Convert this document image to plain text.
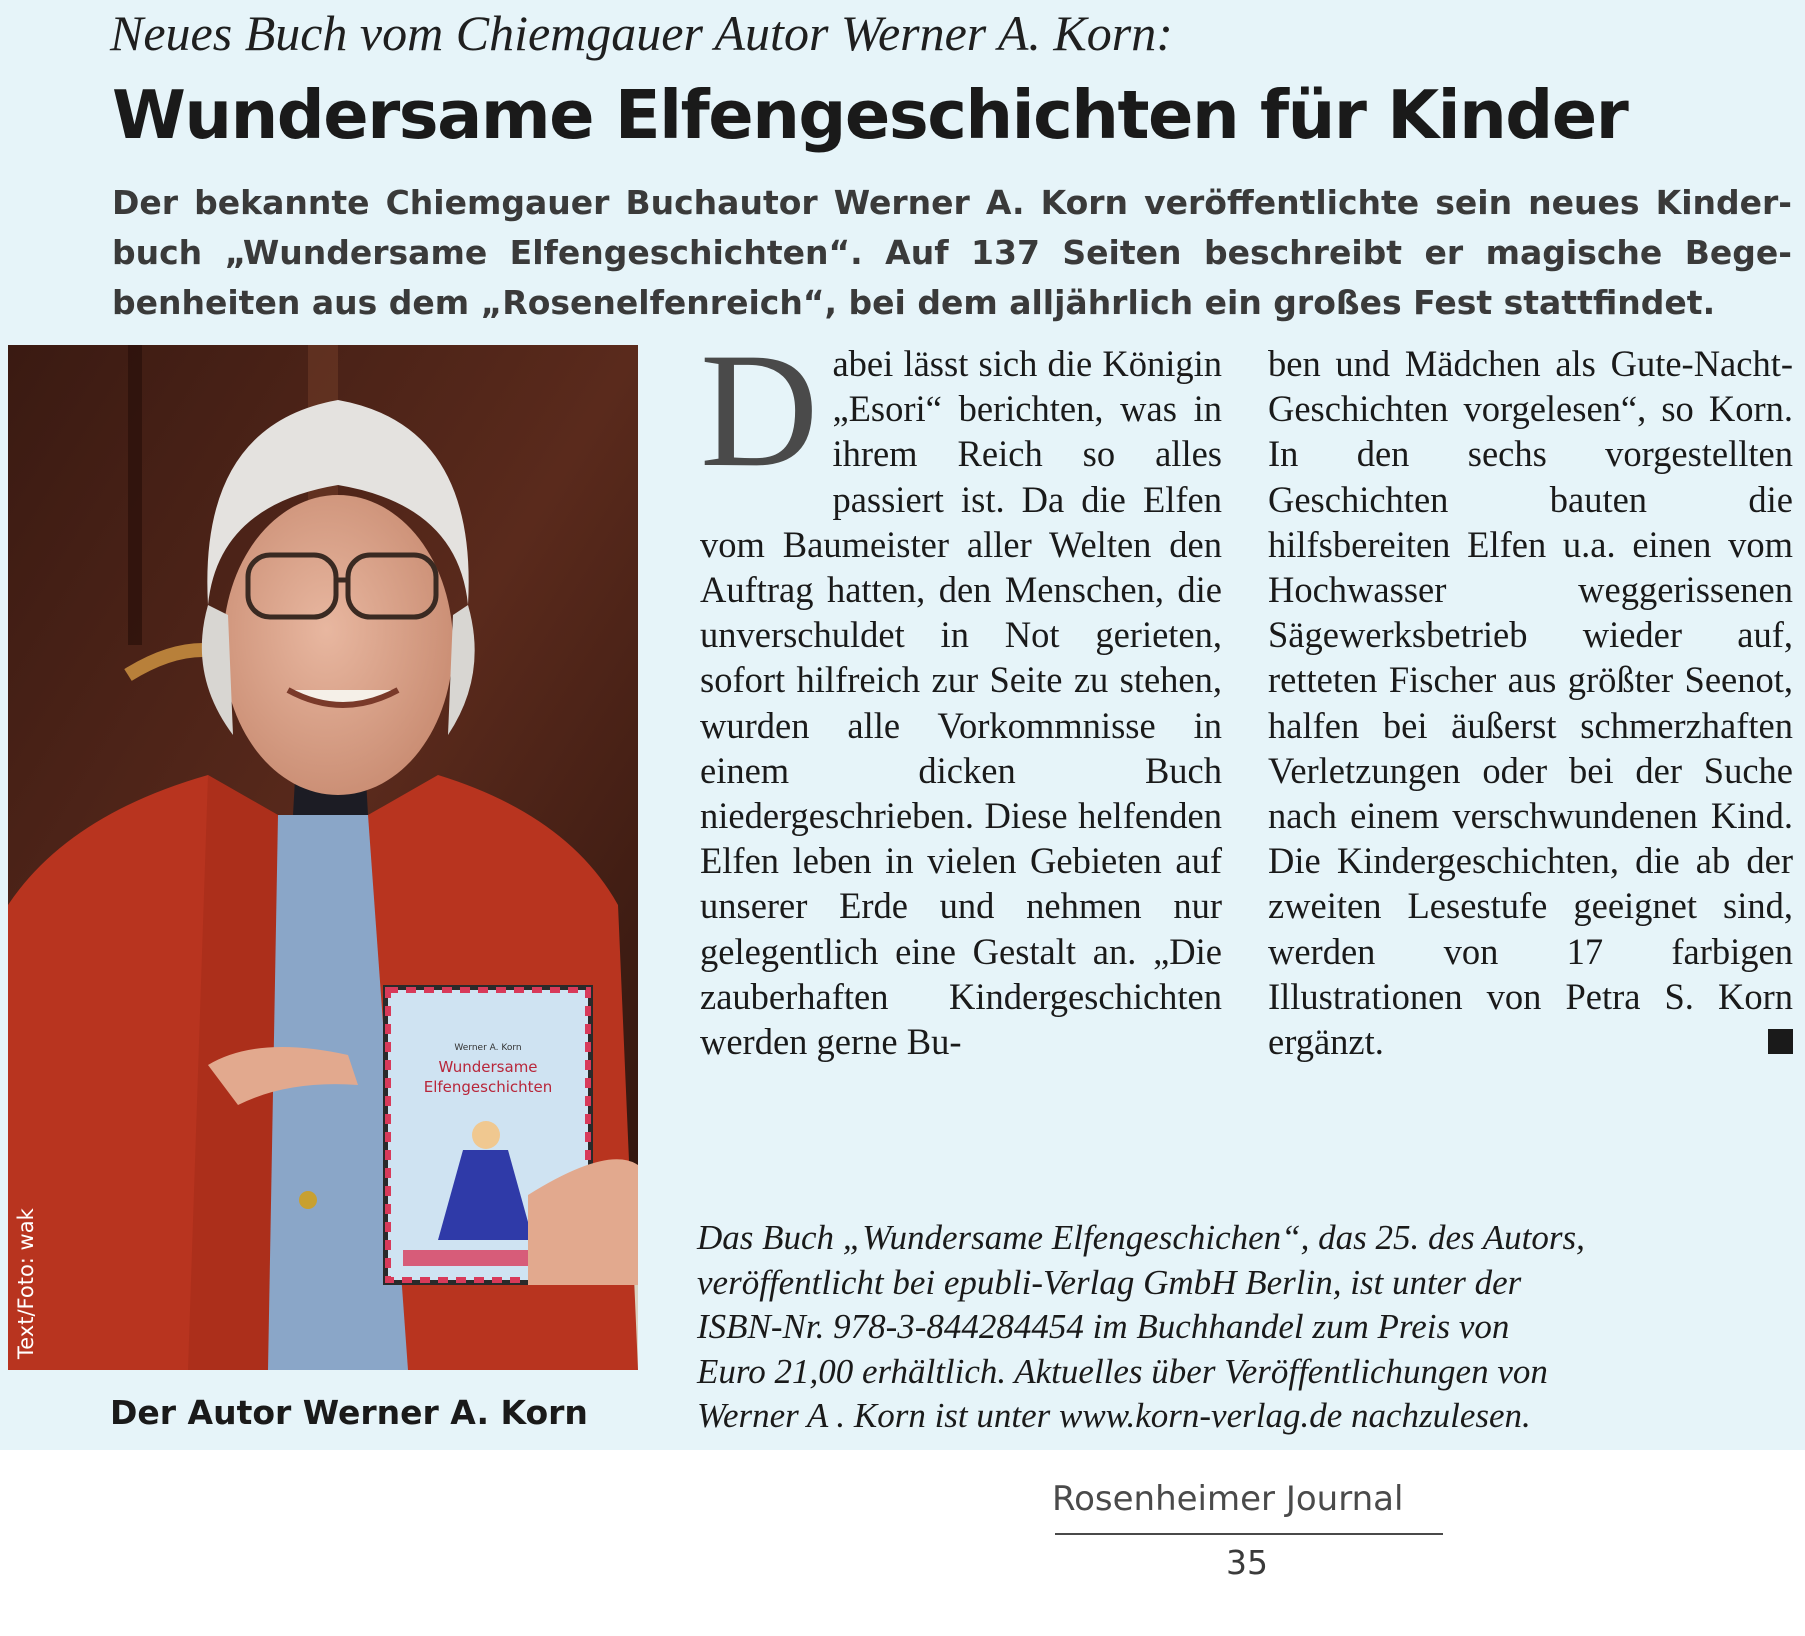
Neues Buch vom Chiemgauer Autor Werner A. Korn:
Wundersame Elfengeschichten für Kinder
Der bekannte Chiemgauer Buchautor Werner A. Korn veröffentlichte sein neues Kinder-
buch „Wundersame Elfengeschichten“. Auf 137 Seiten beschreibt er magische Bege-
benheiten aus dem „Rosenelfenreich“, bei dem alljährlich ein großes Fest stattfindet.
Werner A. Korn
Wundersame
Elfengeschichten
Text/Foto: wak
Der Autor Werner A. Korn

Dabei lässt sich die Königin „Esori“ berichten, was in ihrem Reich so alles passiert ist. Da die Elfen vom Baumeister aller Welten den Auftrag hatten, den Menschen, die unverschuldet in Not gerieten, sofort hilfreich zur Seite zu stehen, wurden alle Vorkommnisse in einem dicken Buch niedergeschrieben. Diese helfenden Elfen leben in vielen Gebieten auf unserer Erde und nehmen nur gelegentlich eine Gestalt an. „Die zauberhaften Kindergeschichten werden gerne Bu-

ben und Mädchen als Gute-Nacht-Geschichten vorgelesen“, so Korn. In den sechs vorgestellten Geschichten bauten die hilfsbereiten Elfen u.a. einen vom Hochwasser weggerissenen Sägewerksbetrieb wieder auf, retteten Fischer aus größter Seenot, halfen bei äußerst schmerzhaften Verletzungen oder bei der Suche nach einem verschwundenen Kind. Die Kindergeschichten, die ab der zweiten Lesestufe geeignet sind, werden von 17 farbigen Illustrationen von Petra S. Korn ergänzt.

Das Buch „Wundersame Elfengeschichen“, das 25. des Autors,
veröffentlicht bei epubli-Verlag GmbH Berlin, ist unter der
ISBN-Nr. 978-3-844284454 im Buchhandel zum Preis von
Euro 21,00 erhältlich. Aktuelles über Veröffentlichungen von
Werner A . Korn ist unter www.korn-verlag.de nachzulesen.
Rosenheimer Journal
35
